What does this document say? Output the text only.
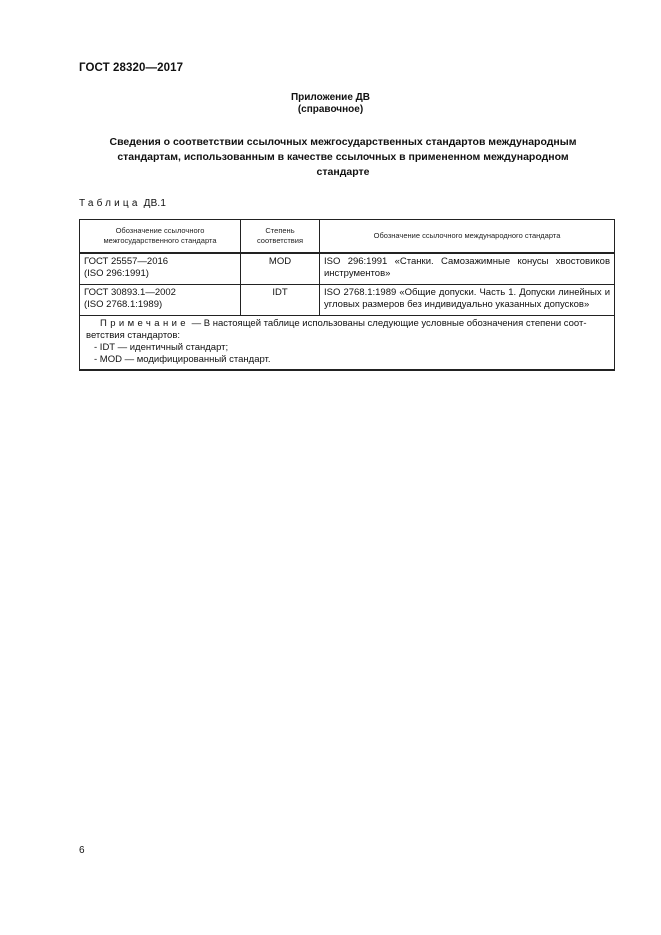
ГОСТ 28320—2017
Приложение ДВ
(справочное)
Сведения о соответствии ссылочных межгосударственных стандартов международным
стандартам, использованным в качестве ссылочных в примененном международном
стандарте
Таблица ДВ.1
Обозначение ссылочного межгосударственного стандарта	Степень соответствия	Обозначение ссылочного международного стандарта

ГОСТ 25557—2016
(ISO 296:1991)	MOD	ISO 296:1991 «Станки. Самозажимные конусы хвостовиков инструментов»

ГОСТ 30893.1—2002
(ISO 2768.1:1989)	IDT	ISO 2768.1:1989 «Общие допуски. Часть 1. Допуски линейных и угловых размеров без индивидуально указанных допусков»

Примечание — В настоящей таблице использованы следующие условные обозначения степени соот-
ветствия стандартов:
- IDT — идентичный стандарт;
- MOD — модифицированный стандарт.		
6
